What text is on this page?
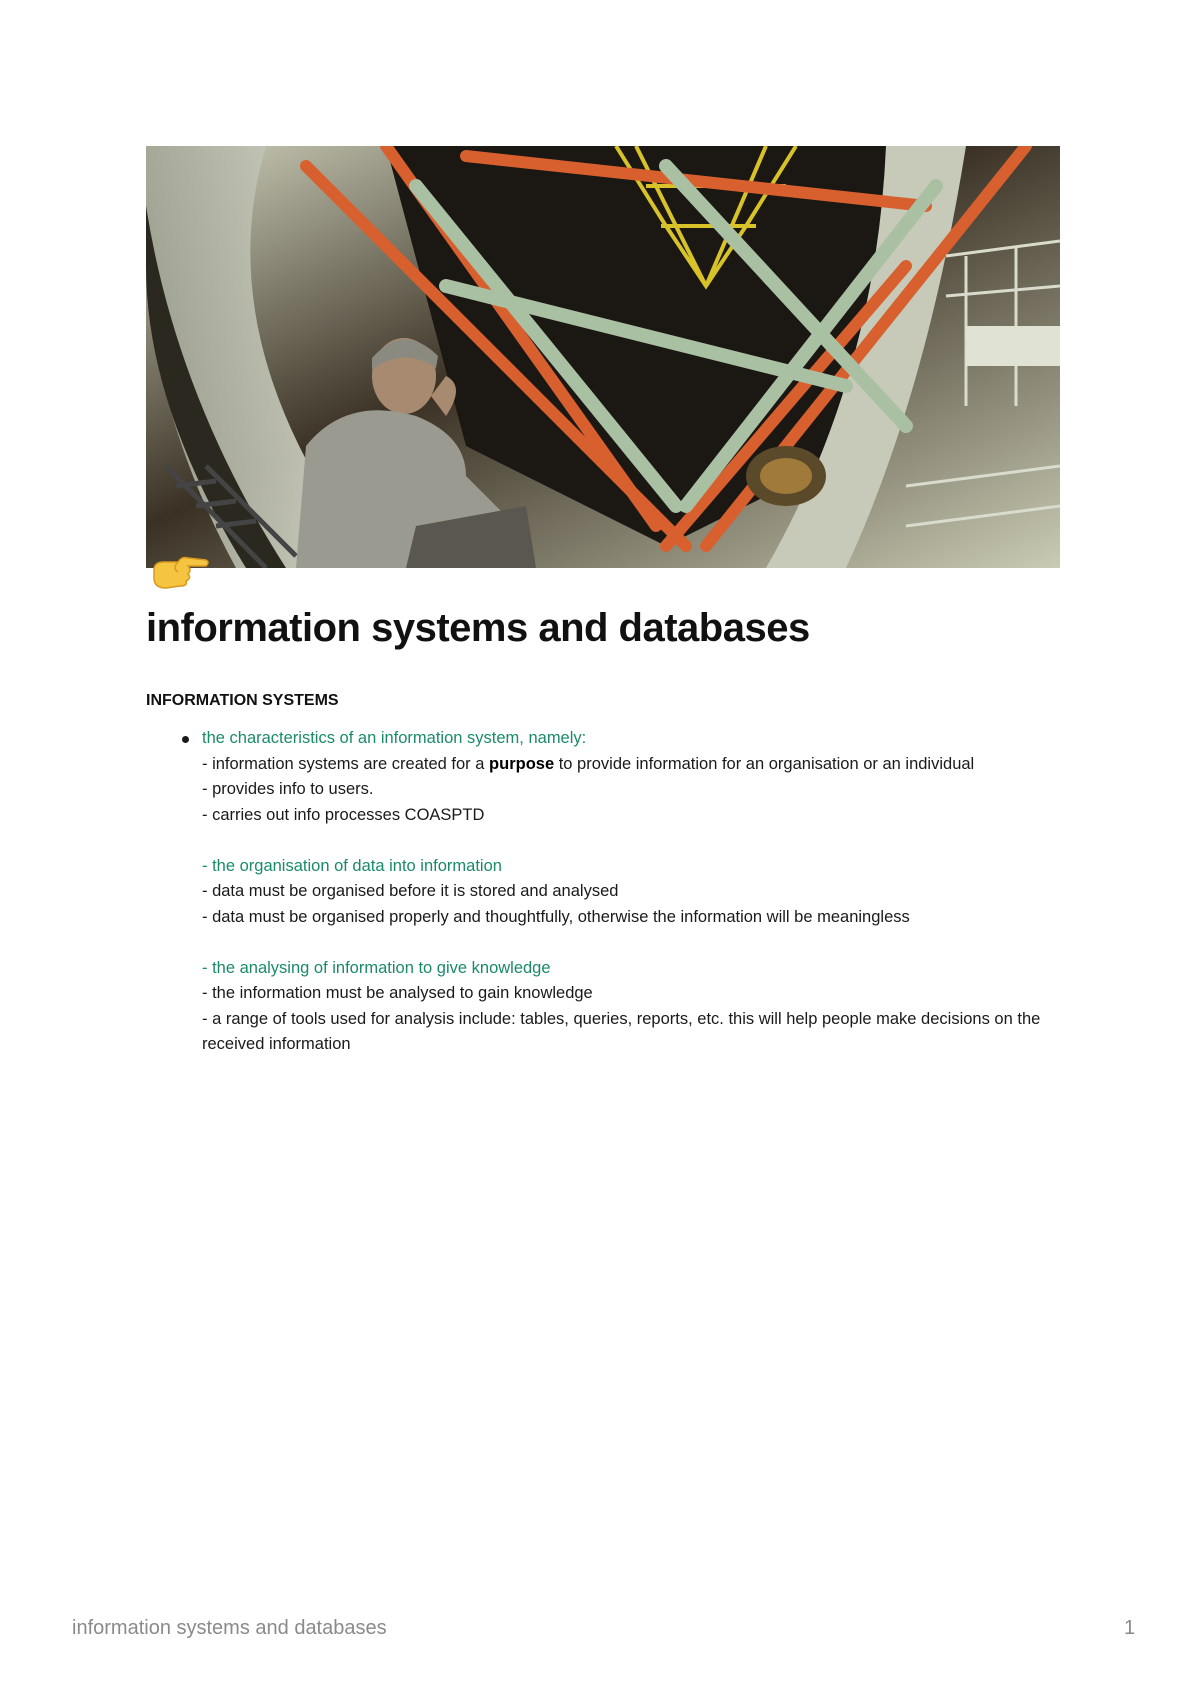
information systems and databases
INFORMATION SYSTEMS
the characteristics of an information system, namely:
- information systems are created for a purpose to provide information for an organisation or an individual
- provides info to users.
- carries out info processes COASPTD
- the organisation of data into information
- data must be organised before it is stored and analysed
- data must be organised properly and thoughtfully, otherwise the information will be meaningless
- the analysing of information to give knowledge
- the information must be analysed to gain knowledge
- a range of tools used for analysis include: tables, queries, reports, etc. this will help people make decisions on the received information
information systems and databases	1
